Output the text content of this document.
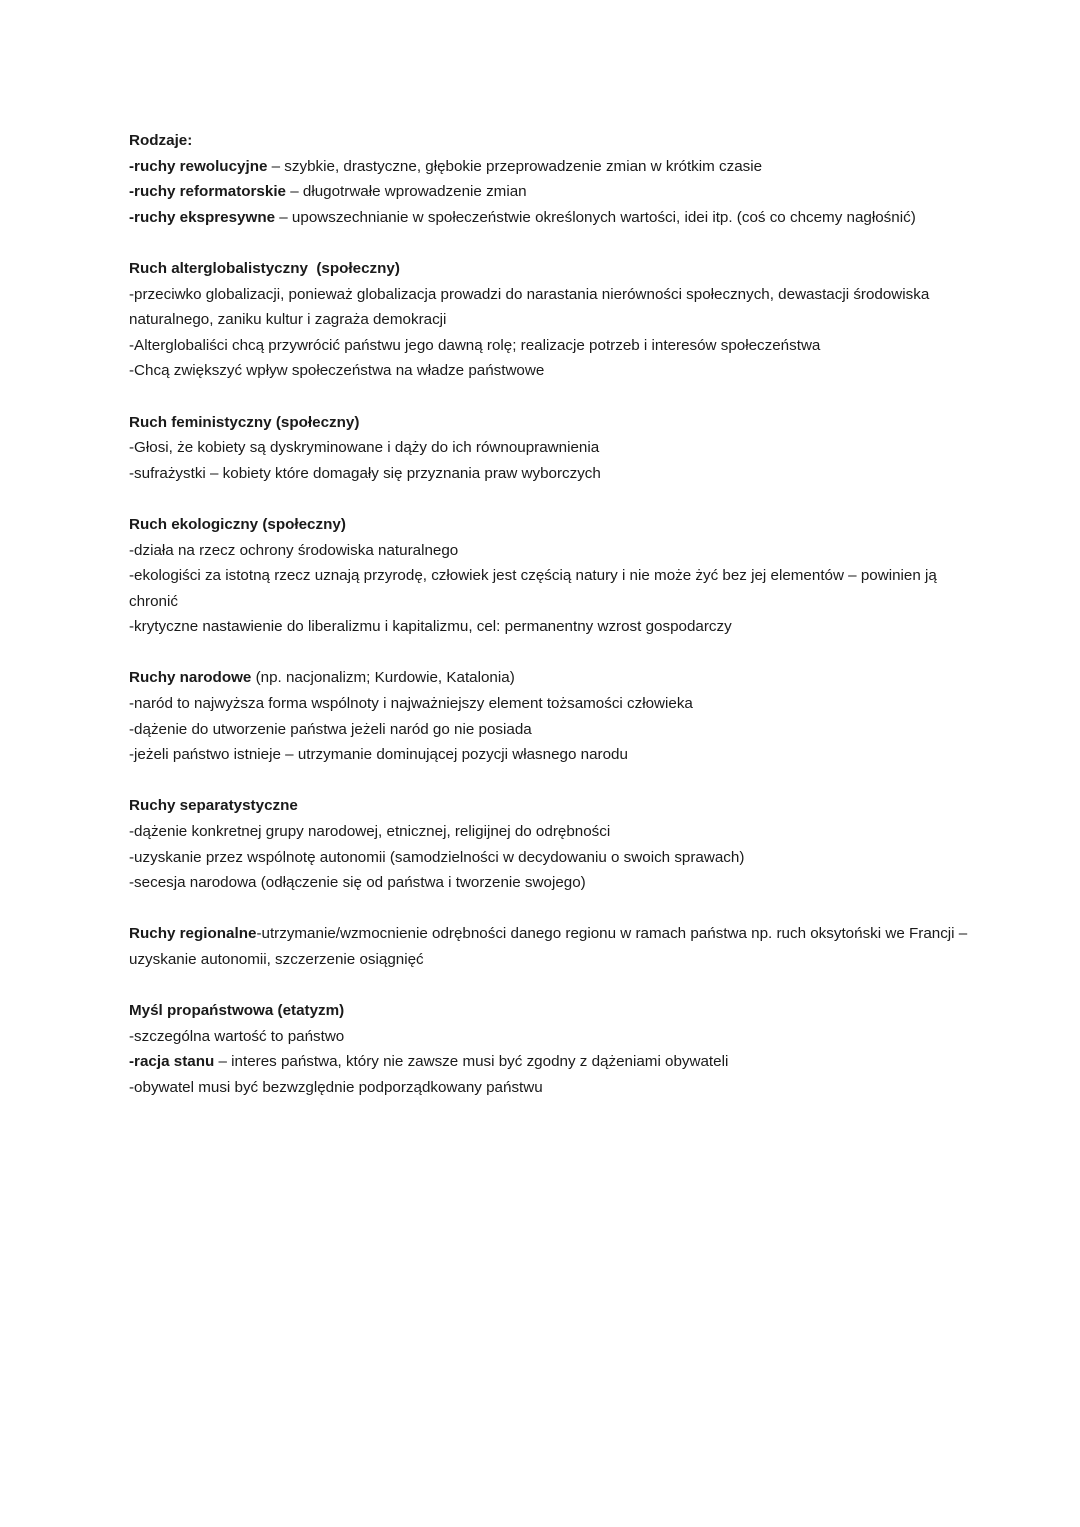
Rodzaje:

-ruchy rewolucyjne – szybkie, drastyczne, głębokie przeprowadzenie zmian w krótkim czasie

-ruchy reformatorskie – długotrwałe wprowadzenie zmian

-ruchy ekspresywne – upowszechnianie w społeczeństwie określonych wartości, idei itp. (coś co chcemy nagłośnić)

Ruch alterglobalistyczny  (społeczny)

-przeciwko globalizacji, ponieważ globalizacja prowadzi do narastania nierówności społecznych, dewastacji środowiska naturalnego, zaniku kultur i zagraża demokracji

-Alterglobaliści chcą przywrócić państwu jego dawną rolę; realizacje potrzeb i interesów społeczeństwa

-Chcą zwiększyć wpływ społeczeństwa na władze państwowe

Ruch feministyczny (społeczny)

-Głosi, że kobiety są dyskryminowane i dąży do ich równouprawnienia

-sufrażystki – kobiety które domagały się przyznania praw wyborczych

Ruch ekologiczny (społeczny)

-działa na rzecz ochrony środowiska naturalnego

-ekologiści za istotną rzecz uznają przyrodę, człowiek jest częścią natury i nie może żyć bez jej elementów – powinien ją chronić

-krytyczne nastawienie do liberalizmu i kapitalizmu, cel: permanentny wzrost gospodarczy

Ruchy narodowe (np. nacjonalizm; Kurdowie, Katalonia)

-naród to najwyższa forma wspólnoty i najważniejszy element tożsamości człowieka

-dążenie do utworzenie państwa jeżeli naród go nie posiada

-jeżeli państwo istnieje – utrzymanie dominującej pozycji własnego narodu

Ruchy separatystyczne

-dążenie konkretnej grupy narodowej, etnicznej, religijnej do odrębności

-uzyskanie przez wspólnotę autonomii (samodzielności w decydowaniu o swoich sprawach)

-secesja narodowa (odłączenie się od państwa i tworzenie swojego)

Ruchy regionalne-utrzymanie/wzmocnienie odrębności danego regionu w ramach państwa np. ruch oksytoński we Francji – uzyskanie autonomii, szczerzenie osiągnięć

Myśl propaństwowa (etatyzm)

-szczególna wartość to państwo

-racja stanu – interes państwa, który nie zawsze musi być zgodny z dążeniami obywateli

-obywatel musi być bezwzględnie podporządkowany państwu
